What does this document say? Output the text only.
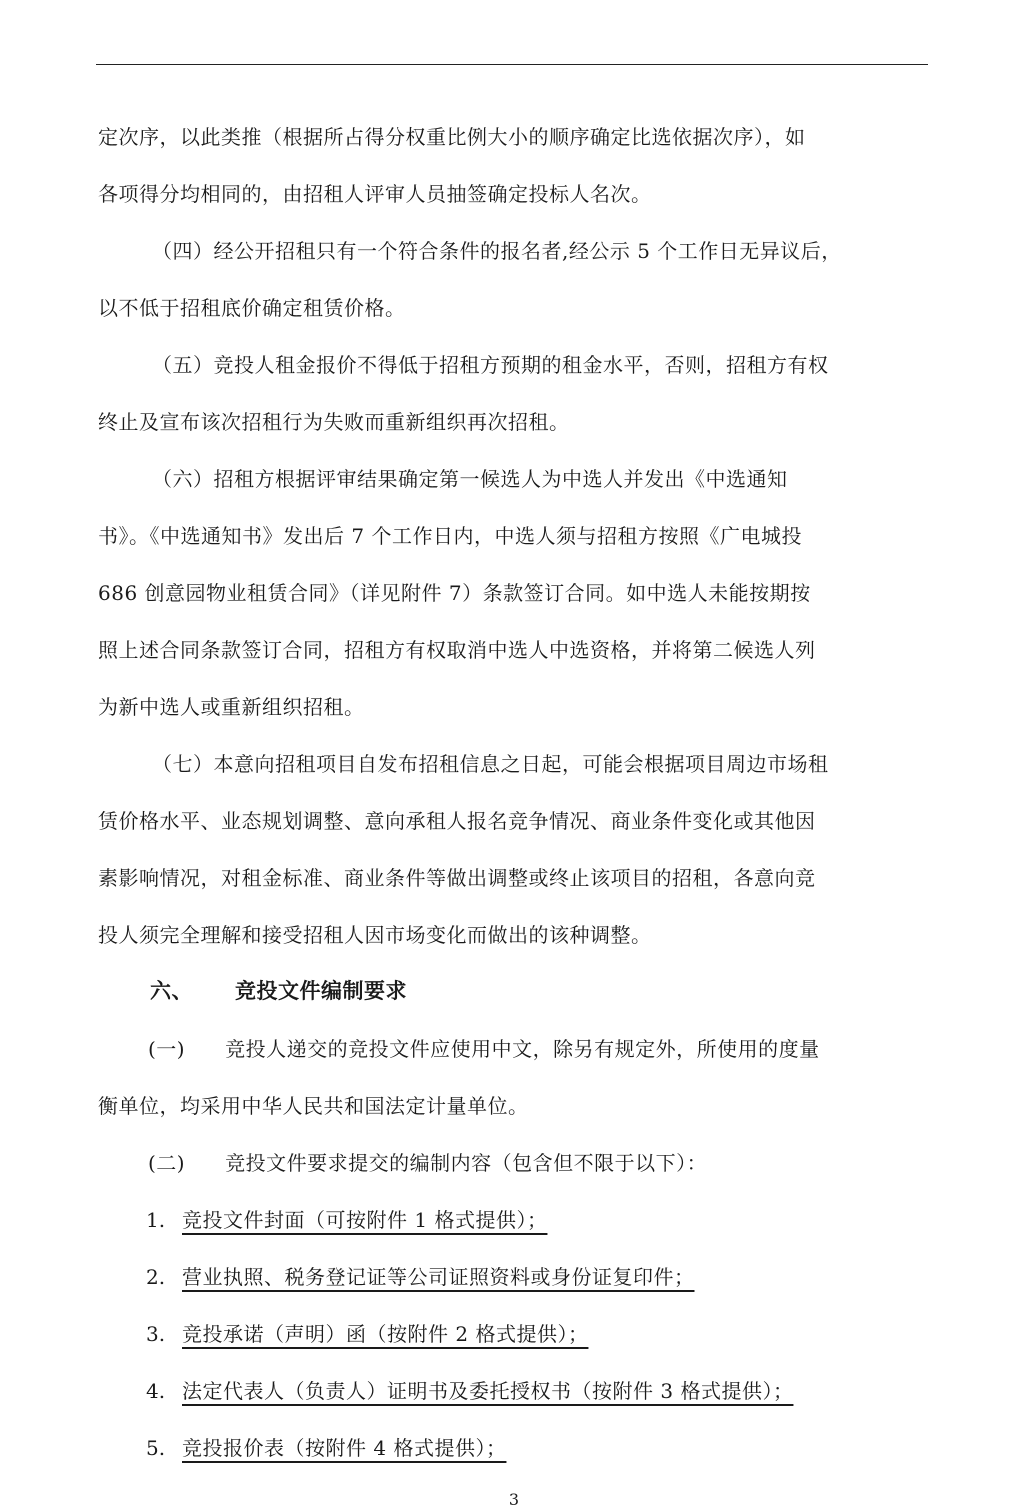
定次序，以此类推（根据所占得分权重比例大小的顺序确定比选依据次序），如
各项得分均相同的，由招租人评审人员抽签确定投标人名次。
（四）经公开招租只有一个符合条件的报名者,经公示 5 个工作日无异议后，
以不低于招租底价确定租赁价格。
（五）竞投人租金报价不得低于招租方预期的租金水平，否则，招租方有权
终止及宣布该次招租行为失败而重新组织再次招租。
（六）招租方根据评审结果确定第一候选人为中选人并发出《中选通知
书》。《中选通知书》发出后 7 个工作日内，中选人须与招租方按照《广电城投
686 创意园物业租赁合同》（详见附件 7）条款签订合同。如中选人未能按期按
照上述合同条款签订合同，招租方有权取消中选人中选资格，并将第二候选人列
为新中选人或重新组织招租。
（七）本意向招租项目自发布招租信息之日起，可能会根据项目周边市场租
赁价格水平、业态规划调整、意向承租人报名竞争情况、商业条件变化或其他因
素影响情况，对租金标准、商业条件等做出调整或终止该项目的招租，各意向竞
投人须完全理解和接受招租人因市场变化而做出的该种调整。
六、 竞投文件编制要求
(一) 竞投人递交的竞投文件应使用中文，除另有规定外，所使用的度量
衡单位，均采用中华人民共和国法定计量单位。
(二) 竞投文件要求提交的编制内容（包含但不限于以下）：
1. 竞投文件封面（可按附件 1 格式提供）；
2. 营业执照、税务登记证等公司证照资料或身份证复印件；
3. 竞投承诺（声明）函（按附件 2 格式提供）；
4. 法定代表人（负责人）证明书及委托授权书（按附件 3 格式提供）；
5. 竞投报价表（按附件 4 格式提供）；
3
